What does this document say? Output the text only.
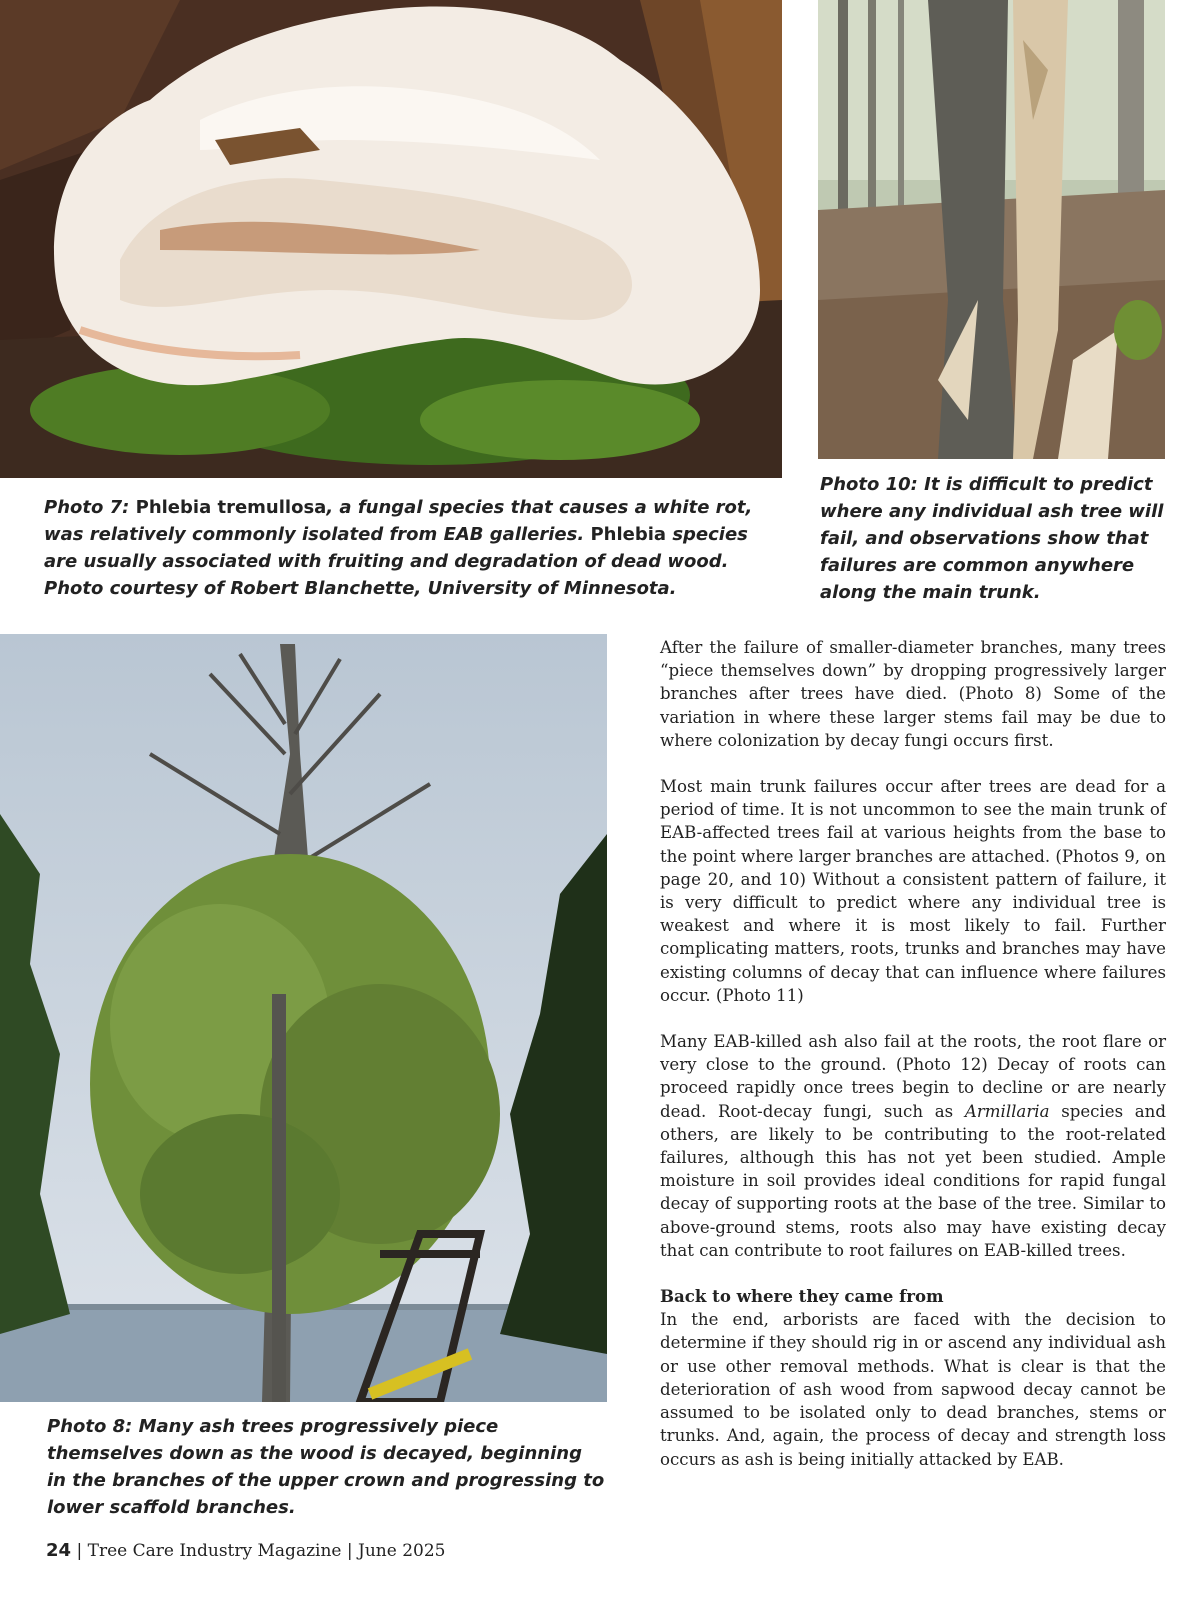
Photo 7: Phlebia tremullosa, a fungal species that causes a white rot, was relatively commonly isolated from EAB galleries. Phlebia species are usually associated with fruiting and degradation of dead wood. Photo courtesy of Robert Blanchette, University of Minnesota.
Photo 10: It is difficult to predict where any individual ash tree will fail, and observations show that failures are common anywhere along the main trunk.
Photo 8: Many ash trees progressively piece themselves down as the wood is decayed, beginning in the branches of the upper crown and progressing to lower scaffold branches.

After the failure of smaller-diameter branches, many trees “piece themselves down” by dropping progressively larger branches after trees have died. (Photo 8) Some of the variation in where these larger stems fail may be due to where colonization by decay fungi occurs first.

Most main trunk failures occur after trees are dead for a period of time. It is not uncommon to see the main trunk of EAB-affected trees fail at various heights from the base to the point where larger branches are attached. (Photos 9, on page 20, and 10) Without a consistent pattern of failure, it is very difficult to predict where any individual tree is weakest and where it is most likely to fail. Further complicating matters, roots, trunks and branches may have existing columns of decay that can influence where failures occur. (Photo 11)

Many EAB-killed ash also fail at the roots, the root flare or very close to the ground. (Photo 12) Decay of roots can proceed rapidly once trees begin to decline or are nearly dead. Root-decay fungi, such as Armillaria species and others, are likely to be contributing to the root-related failures, although this has not yet been studied. Ample moisture in soil provides ideal conditions for rapid fungal decay of supporting roots at the base of the tree. Similar to above-ground stems, roots also may have existing decay that can contribute to root failures on EAB-killed trees.

Back to where they came from
In the end, arborists are faced with the decision to determine if they should rig in or ascend any individual ash or use other removal methods. What is clear is that the deterioration of ash wood from sapwood decay cannot be assumed to be isolated only to dead branches, stems or trunks. And, again, the process of decay and strength loss occurs as ash is being initially attacked by EAB.

24 | Tree Care Industry Magazine | June 2025
